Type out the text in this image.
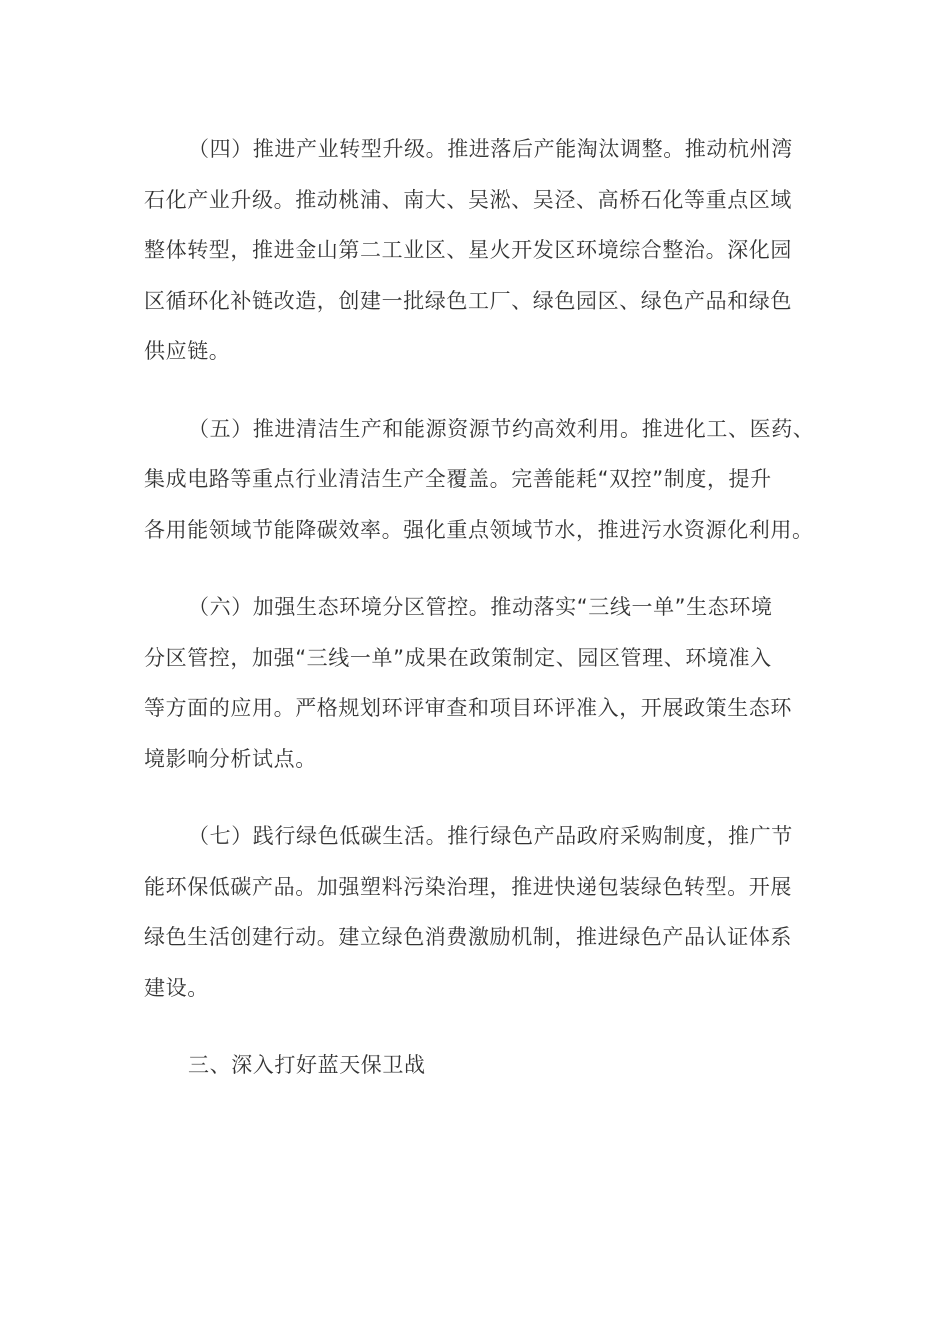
（四）推进产业转型升级。推进落后产能淘汰调整。推动杭州湾
石化产业升级。推动桃浦、南大、吴淞、吴泾、高桥石化等重点区域
整体转型，推进金山第二工业区、星火开发区环境综合整治。深化园
区循环化补链改造，创建一批绿色工厂、绿色园区、绿色产品和绿色
供应链。

（五）推进清洁生产和能源资源节约高效利用。推进化工、医药、
集成电路等重点行业清洁生产全覆盖。完善能耗“双控”制度，提升
各用能领域节能降碳效率。强化重点领域节水，推进污水资源化利用。

（六）加强生态环境分区管控。推动落实“三线一单”生态环境
分区管控，加强“三线一单”成果在政策制定、园区管理、环境准入
等方面的应用。严格规划环评审查和项目环评准入，开展政策生态环
境影响分析试点。

（七）践行绿色低碳生活。推行绿色产品政府采购制度，推广节
能环保低碳产品。加强塑料污染治理，推进快递包装绿色转型。开展
绿色生活创建行动。建立绿色消费激励机制，推进绿色产品认证体系
建设。

三、深入打好蓝天保卫战
